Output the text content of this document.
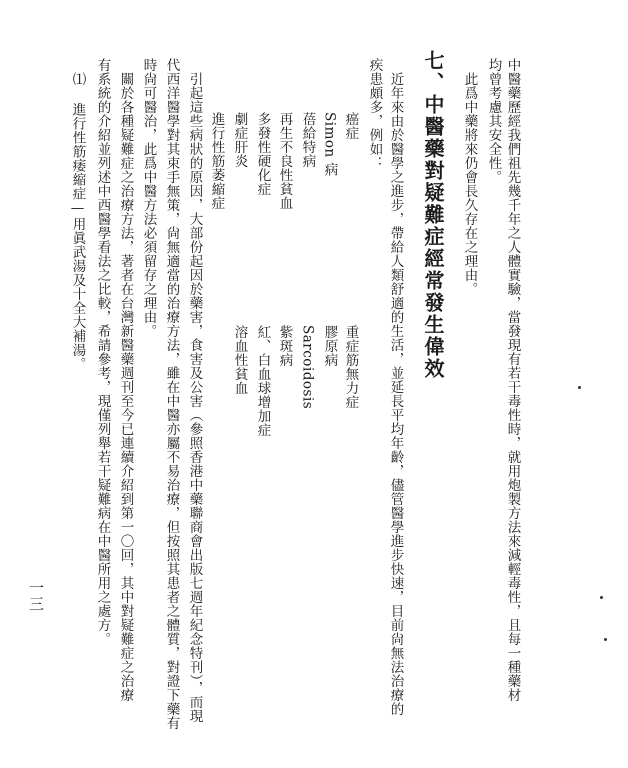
中醫藥歷經我們祖先幾千年之人體實驗，當發現有若干毒性時，就用炮製方法來減輕毒性，且每一種藥材
均曾考慮其安全性。
此爲中藥將來仍會長久存在之理由。
七、中醫藥對疑難症經常發生偉效
近年來由於醫學之進步，帶給人類舒適的生活，並延長平均年齡，儘管醫學進步快速，目前尙無法治療的
疾患頗多，例如：
癌症
Simon 病
蓓給特病
再生不良性貧血
多發性硬化症
劇症肝炎
進行性筋萎縮症
重症筋無力症
膠原病
Sarcoidosis
紫斑病
紅、白血球增加症
溶血性貧血
引起這些病狀的原因，大部份起因於藥害，食害及公害（參照香港中藥聯商會出版七週年紀念特刊），而現
代西洋醫學對其束手無策，尙無適當的治療方法，雖在中醫亦屬不易治療，但按照其患者之體質，對證下藥有
時尙可醫治，此爲中醫方法必須留存之理由。
關於各種疑難症之治療方法，著者在台灣新醫藥週刊至今已連續介紹到第一〇回，其中對疑難症之治療
有系統的介紹並列述中西醫學看法之比較，希請參考，現僅列舉若干疑難病在中醫所用之處方。
⑴ 進行性筋痿縮症—用眞武湯及十全大補湯。
一三
